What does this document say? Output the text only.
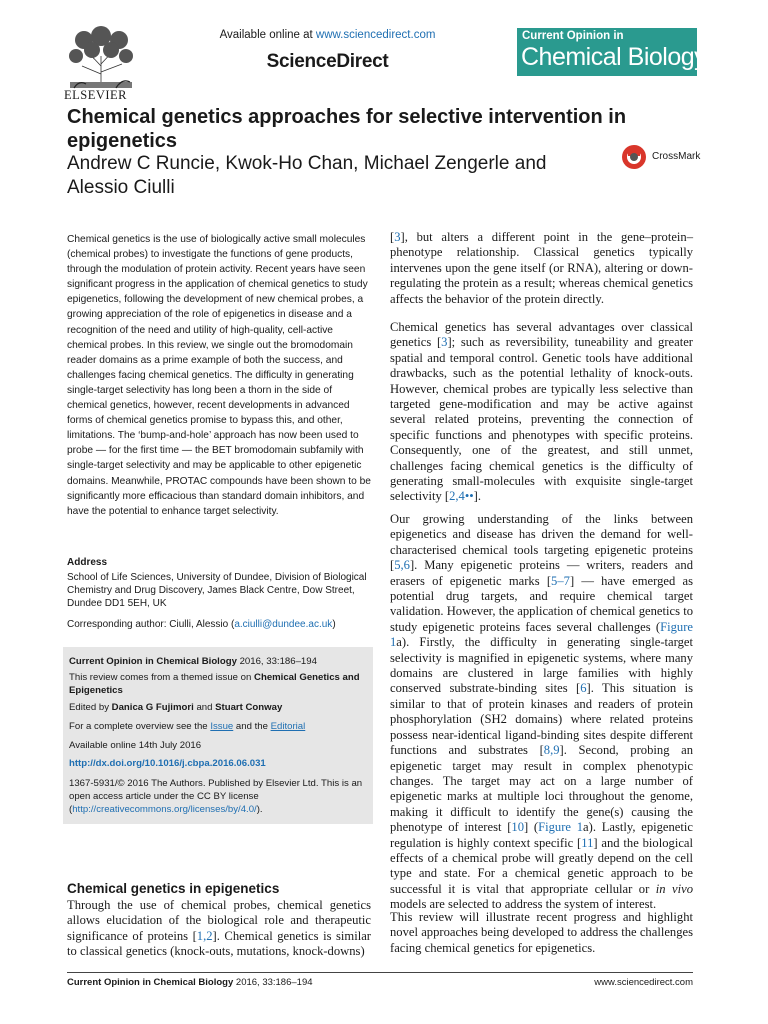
ELSEVIER
Available online at www.sciencedirect.com
ScienceDirect
Current Opinion in
Chemical Biology
Chemical genetics approaches for selective intervention in epigenetics
Andrew C Runcie, Kwok-Ho Chan, Michael Zengerle and Alessio Ciulli
CrossMark
Chemical genetics is the use of biologically active small molecules (chemical probes) to investigate the functions of gene products, through the modulation of protein activity. Recent years have seen significant progress in the application of chemical genetics to study epigenetics, following the development of new chemical probes, a growing appreciation of the role of epigenetics in disease and a recognition of the need and utility of high-quality, cell-active chemical probes. In this review, we single out the bromodomain reader domains as a prime example of both the success, and challenges facing chemical genetics. The difficulty in generating single-target selectivity has long been a thorn in the side of chemical genetics, however, recent developments in advanced forms of chemical genetics promise to bypass this, and other, limitations. The ‘bump-and-hole’ approach has now been used to probe — for the first time — the BET bromodomain subfamily with single-target selectivity and may be applicable to other epigenetic domains. Meanwhile, PROTAC compounds have been shown to be significantly more efficacious than standard domain inhibitors, and have the potential to enhance target selectivity.
Address
School of Life Sciences, University of Dundee, Division of Biological Chemistry and Drug Discovery, James Black Centre, Dow Street, Dundee DD1 5EH, UK
Corresponding author: Ciulli, Alessio (a.ciulli@dundee.ac.uk)
Current Opinion in Chemical Biology 2016, 33:186–194
This review comes from a themed issue on Chemical Genetics and Epigenetics
Edited by Danica G Fujimori and Stuart Conway
For a complete overview see the Issue and the Editorial
Available online 14th July 2016
http://dx.doi.org/10.1016/j.cbpa.2016.06.031
1367-5931/© 2016 The Authors. Published by Elsevier Ltd. This is an open access article under the CC BY license (http://creativecommons.org/licenses/by/4.0/).
Chemical genetics in epigenetics
Through the use of chemical probes, chemical genetics allows elucidation of the biological role and therapeutic significance of proteins [1,2]. Chemical genetics is similar to classical genetics (knock-outs, mutations, knock-downs)
[3], but alters a different point in the gene–protein–phenotype relationship. Classical genetics typically intervenes upon the gene itself (or RNA), altering or down-regulating the protein as a result; whereas chemical genetics affects the behavior of the protein directly.
Chemical genetics has several advantages over classical genetics [3]; such as reversibility, tuneability and greater spatial and temporal control. Genetic tools have additional drawbacks, such as the potential lethality of knock-outs. However, chemical probes are typically less selective than targeted gene-modification and may be active against several related proteins, preventing the connection of specific functions and phenotypes with specific proteins. Consequently, one of the greatest, and still unmet, challenges facing chemical genetics is the difficulty of generating small-molecules with exquisite single-target selectivity [2,4••].
Our growing understanding of the links between epigenetics and disease has driven the demand for well-characterised chemical tools targeting epigenetic proteins [5,6]. Many epigenetic proteins — writers, readers and erasers of epigenetic marks [5–7] — have emerged as potential drug targets, and require chemical target validation. However, the application of chemical genetics to study epigenetic proteins faces several challenges (Figure 1a). Firstly, the difficulty in generating single-target selectivity is magnified in epigenetic systems, where many domains are clustered in large families with highly conserved substrate-binding sites [6]. This situation is similar to that of protein kinases and readers of protein phosphorylation (SH2 domains) where related proteins possess near-identical ligand-binding sites despite different functions and substrates [8,9]. Second, probing an epigenetic target may result in complex phenotypic changes. The target may act on a large number of epigenetic marks at multiple loci throughout the genome, making it difficult to identify the gene(s) causing the phenotype of interest [10] (Figure 1a). Lastly, epigenetic regulation is highly context specific [11] and the biological effects of a chemical probe will greatly depend on the cell type and state. For a chemical genetic approach to be successful it is vital that appropriate cellular or in vivo models are selected to address the system of interest.
This review will illustrate recent progress and highlight novel approaches being developed to address the challenges facing chemical genetics for epigenetics.
Current Opinion in Chemical Biology 2016, 33:186–194	www.sciencedirect.com
